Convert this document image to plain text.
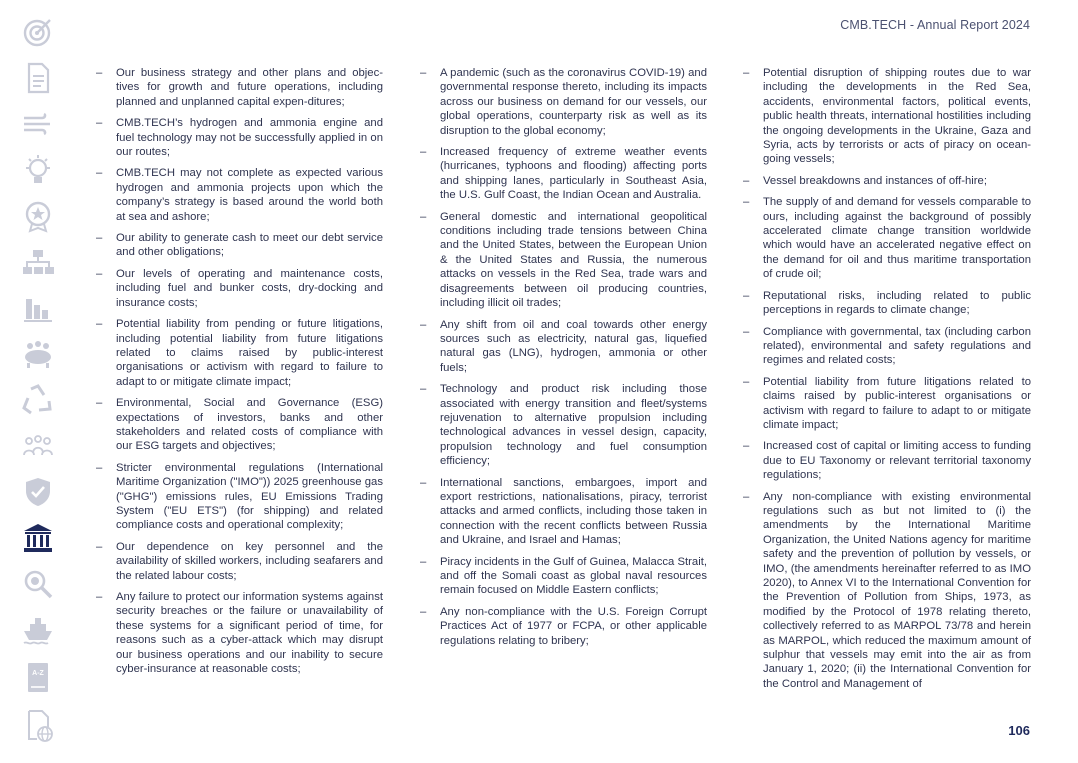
A-Z
CMB.TECH - Annual Report 2024
–	Our business strategy and other plans and objec-tives for growth and future operations, including planned and unplanned capital expen-ditures;
–	CMB.TECH’s hydrogen and ammonia engine and fuel technology may not be successfully applied in on our routes;
–	CMB.TECH may not complete as expected various hydrogen and ammonia projects upon which the company’s strategy is based around the world both at sea and ashore;
–	Our ability to generate cash to meet our debt service and other obligations;
–	Our levels of operating and maintenance costs, including fuel and bunker costs, dry-docking and insurance costs;
–	Potential liability from pending or future litigations, including potential liability from future litigations related to claims raised by public-interest organisations or activism with regard to failure to adapt to or mitigate climate impact;
–	Environmental, Social and Governance (ESG) expectations of investors, banks and other stakeholders and related costs of compliance with our ESG targets and objectives;
–	Stricter environmental regulations (International Maritime Organization ("IMO")) 2025 greenhouse gas ("GHG") emissions rules, EU Emissions Trading System ("EU ETS") (for shipping) and related compliance costs and operational complexity;
–	Our dependence on key personnel and the availability of skilled workers, including seafarers and the related labour costs;
–	Any failure to protect our information systems against security breaches or the failure or unavailability of these systems for a significant period of time, for reasons such as a cyber-attack which may disrupt our business operations and our inability to secure cyber-insurance at reasonable costs;
–	A pandemic (such as the coronavirus COVID-19) and governmental response thereto, including its impacts across our business on demand for our vessels, our global operations, counterparty risk as well as its disruption to the global economy;
–	Increased frequency of extreme weather events (hurricanes, typhoons and flooding) affecting ports and shipping lanes, particularly in Southeast Asia, the U.S. Gulf Coast, the Indian Ocean and Australia.
–	General domestic and international geopolitical conditions including trade tensions between China and the United States, between the European Union & the United States and Russia, the numerous attacks on vessels in the Red Sea, trade wars and disagreements between oil producing countries, including illicit oil trades;
–	Any shift from oil and coal towards other energy sources such as electricity, natural gas, liquefied natural gas (LNG), hydrogen, ammonia or other fuels;
–	Technology and product risk including those associated with energy transition and fleet/systems rejuvenation to alternative propulsion including technological advances in vessel design, capacity, propulsion technology and fuel consumption efficiency;
–	International sanctions, embargoes, import and export restrictions, nationalisations, piracy, terrorist attacks and armed conflicts, including those taken in connection with the recent conflicts between Russia and Ukraine, and Israel and Hamas;
–	Piracy incidents in the Gulf of Guinea, Malacca Strait, and off the Somali coast as global naval resources remain focused on Middle Eastern conflicts;
–	Any non-compliance with the U.S. Foreign Corrupt Practices Act of 1977 or FCPA, or other applicable regulations relating to bribery;
–	Potential disruption of shipping routes due to war including the developments in the Red Sea, accidents, environmental factors, political events, public health threats, international hostilities including the ongoing developments in the Ukraine, Gaza and Syria, acts by terrorists or acts of piracy on ocean-going vessels;
–	Vessel breakdowns and instances of off-hire;
–	The supply of and demand for vessels comparable to ours, including against the background of possibly accelerated climate change transition worldwide which would have an accelerated negative effect on the demand for oil and thus maritime transportation of crude oil;
–	Reputational risks, including related to public perceptions in regards to climate change;
–	Compliance with governmental, tax (including carbon related), environmental and safety regulations and regimes and related costs;
–	Potential liability from future litigations related to claims raised by public-interest organisations or activism with regard to failure to adapt to or mitigate climate impact;
–	Increased cost of capital or limiting access to funding due to EU Taxonomy or relevant territorial taxonomy regulations;
–	Any non-compliance with existing environmental regulations such as but not limited to (i) the amendments by the International Maritime Organization, the United Nations agency for maritime safety and the prevention of pollution by vessels, or IMO, (the amendments hereinafter referred to as IMO 2020), to Annex VI to the International Convention for the Prevention of Pollution from Ships, 1973, as modified by the Protocol of 1978 relating thereto, collectively referred to as MARPOL 73/78 and herein as MARPOL, which reduced the maximum amount of sulphur that vessels may emit into the air as from January 1, 2020; (ii) the International Convention for the Control and Management of
106
